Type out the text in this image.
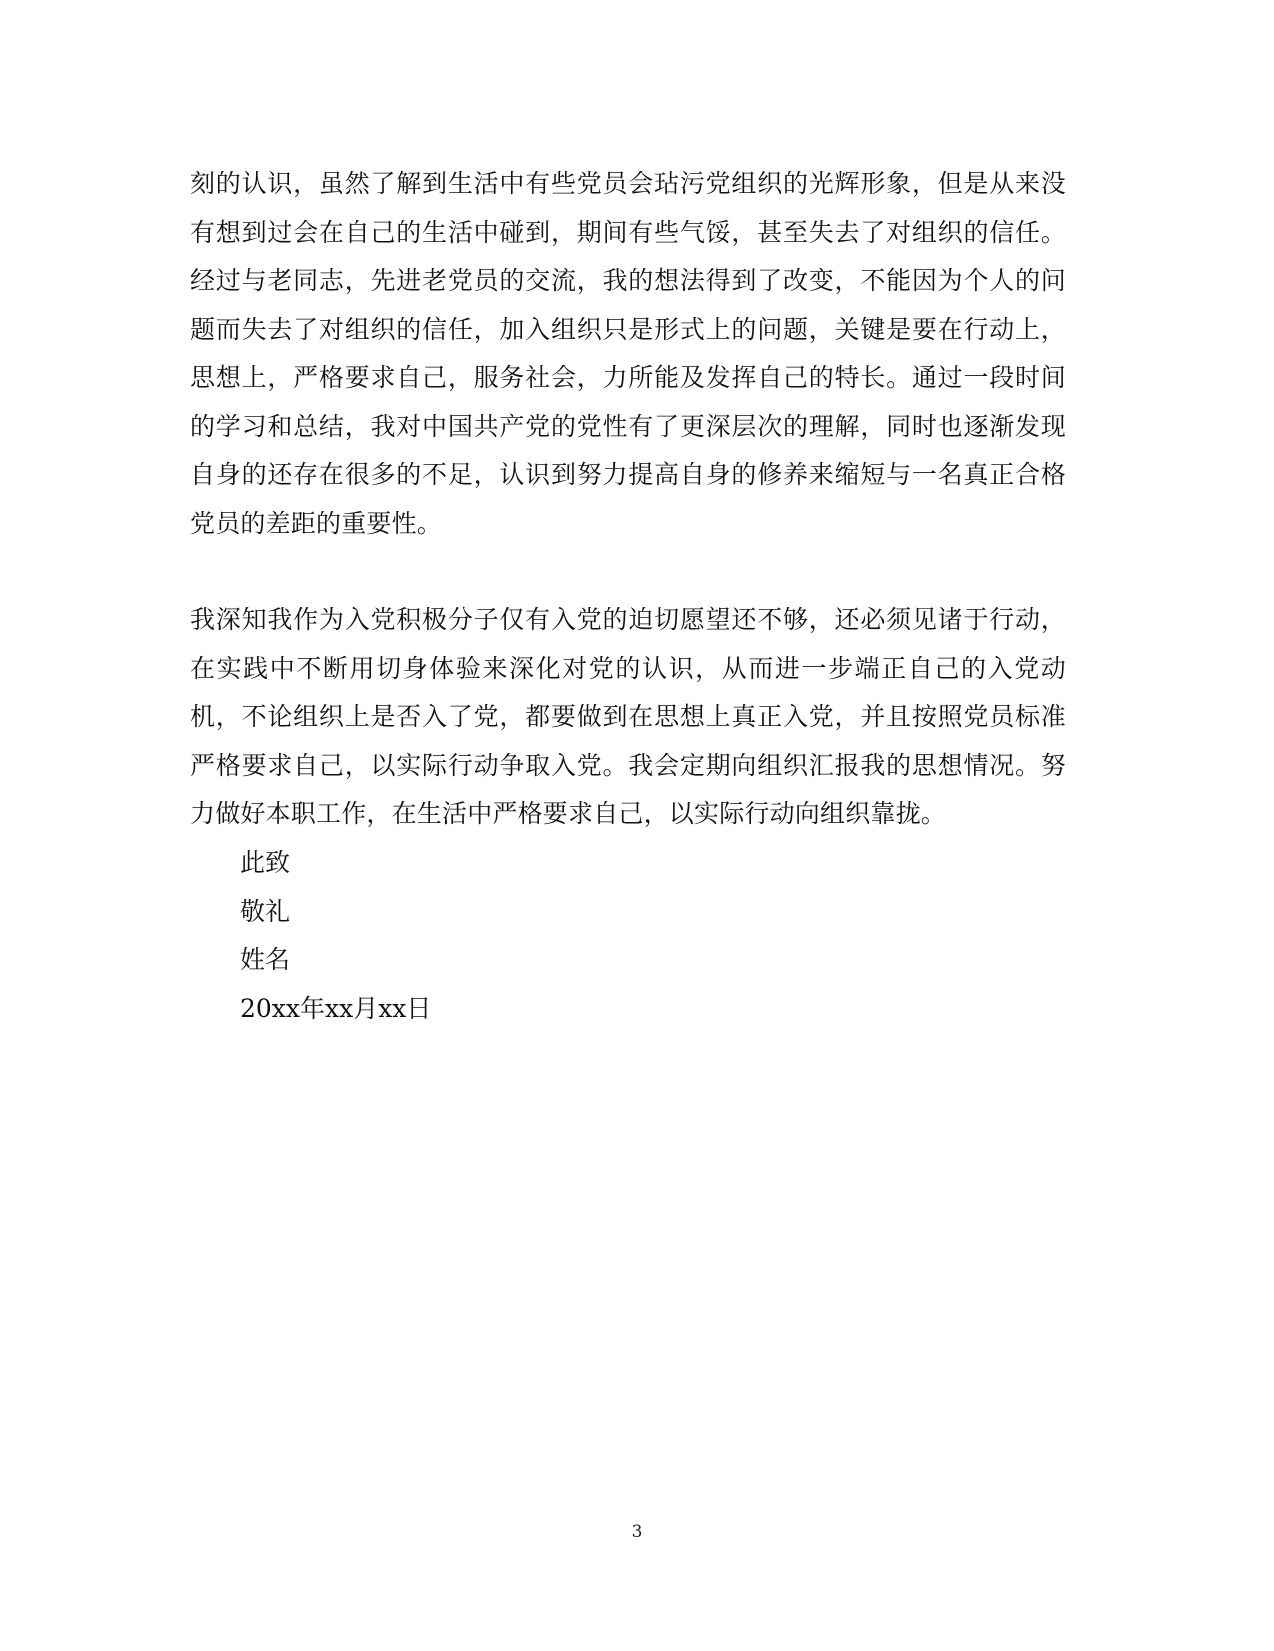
刻的认识，虽然了解到生活中有些党员会玷污党组织的光辉形象，但是从来没有想到过会在自己的生活中碰到，期间有些气馁，甚至失去了对组织的信任。经过与老同志，先进老党员的交流，我的想法得到了改变，不能因为个人的问题而失去了对组织的信任，加入组织只是形式上的问题，关键是要在行动上，思想上，严格要求自己，服务社会，力所能及发挥自己的特长。通过一段时间的学习和总结，我对中国共产党的党性有了更深层次的理解，同时也逐渐发现自身的还存在很多的不足，认识到努力提高自身的修养来缩短与一名真正合格党员的差距的重要性。

我深知我作为入党积极分子仅有入党的迫切愿望还不够，还必须见诸于行动，在实践中不断用切身体验来深化对党的认识，从而进一步端正自己的入党动机，不论组织上是否入了党，都要做到在思想上真正入党，并且按照党员标准严格要求自己，以实际行动争取入党。我会定期向组织汇报我的思想情况。努力做好本职工作，在生活中严格要求自己，以实际行动向组织靠拢。

此致
敬礼
姓名
20xx年xx月xx日
3
